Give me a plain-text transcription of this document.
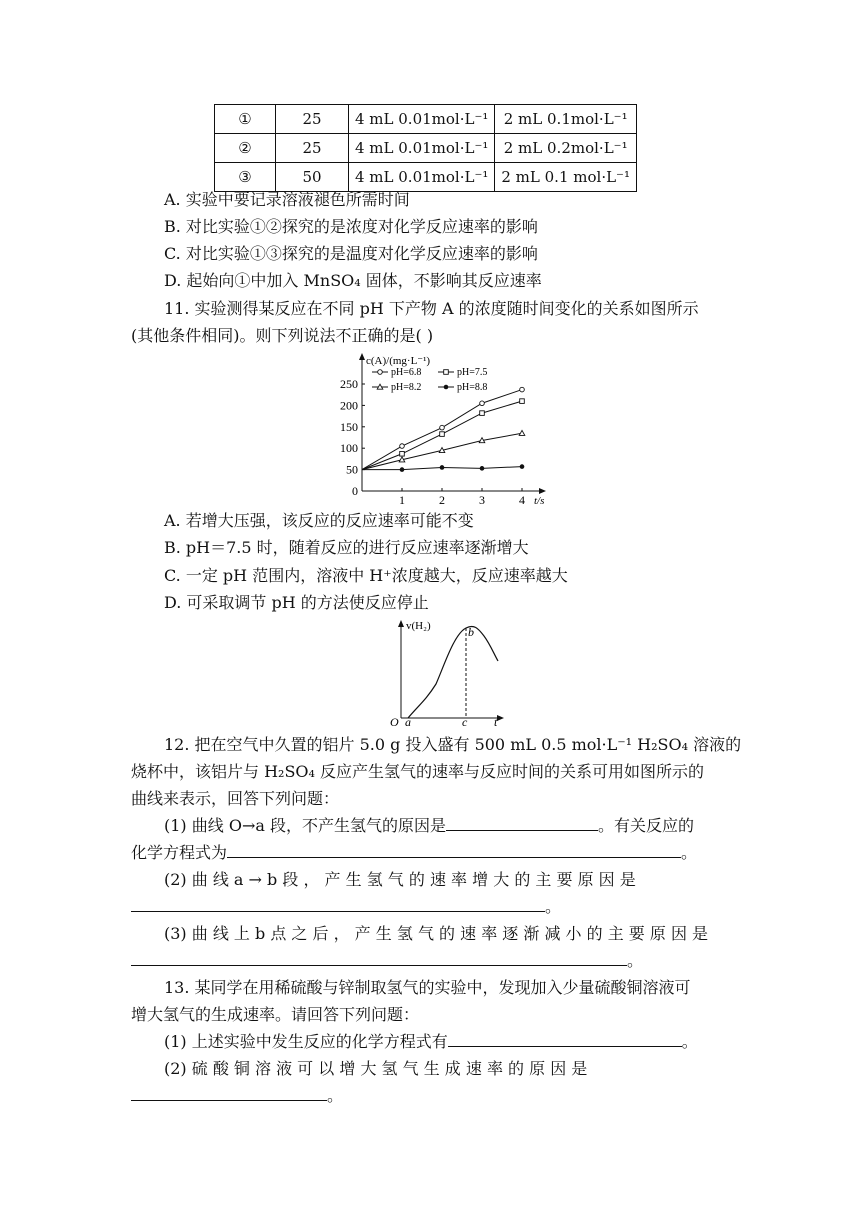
①	25	4 mL 0.01mol·L⁻¹	2 mL 0.1mol·L⁻¹
②	25	4 mL 0.01mol·L⁻¹	2 mL 0.2mol·L⁻¹
③	50	4 mL 0.01mol·L⁻¹	2 mL 0.1 mol·L⁻¹
A. 实验中要记录溶液褪色所需时间
B. 对比实验①②探究的是浓度对化学反应速率的影响
C. 对比实验①③探究的是温度对化学反应速率的影响
D. 起始向①中加入 MnSO₄ 固体，不影响其反应速率
11. 实验测得某反应在不同 pH 下产物 A 的浓度随时间变化的关系如图所示
(其他条件相同)。则下列说法不正确的是( )
c(A)/(mg·L⁻¹)
t/s
0
50
100
150
200
250
1	2	3	4
pH=6.8	pH=7.5
pH=8.2	pH=8.8
A. 若增大压强，该反应的反应速率可能不变
B. pH＝7.5 时，随着反应的进行反应速率逐渐增大
C. 一定 pH 范围内，溶液中 H⁺浓度越大，反应速率越大
D. 可采取调节 pH 的方法使反应停止
v(H₂)	b
O a	c t
12. 把在空气中久置的铝片 5.0 g 投入盛有 500 mL 0.5 mol·L⁻¹ H₂SO₄ 溶液的
烧杯中，该铝片与 H₂SO₄ 反应产生氢气的速率与反应时间的关系可用如图所示的
曲线来表示，回答下列问题：
(1) 曲线 O→a 段，不产生氢气的原因是	。有关反应的
化学方程式为	。
(2) 曲 线 a → b 段 ， 产 生 氢 气 的 速 率 增 大 的 主 要 原 因 是
。
(3) 曲 线 上 b 点 之 后 ， 产 生 氢 气 的 速 率 逐 渐 减 小 的 主 要 原 因 是
。
13. 某同学在用稀硫酸与锌制取氢气的实验中，发现加入少量硫酸铜溶液可
增大氢气的生成速率。请回答下列问题：
(1) 上述实验中发生反应的化学方程式有	。
(2) 硫 酸 铜 溶 液 可 以 增 大 氢 气 生 成 速 率 的 原 因 是
。
